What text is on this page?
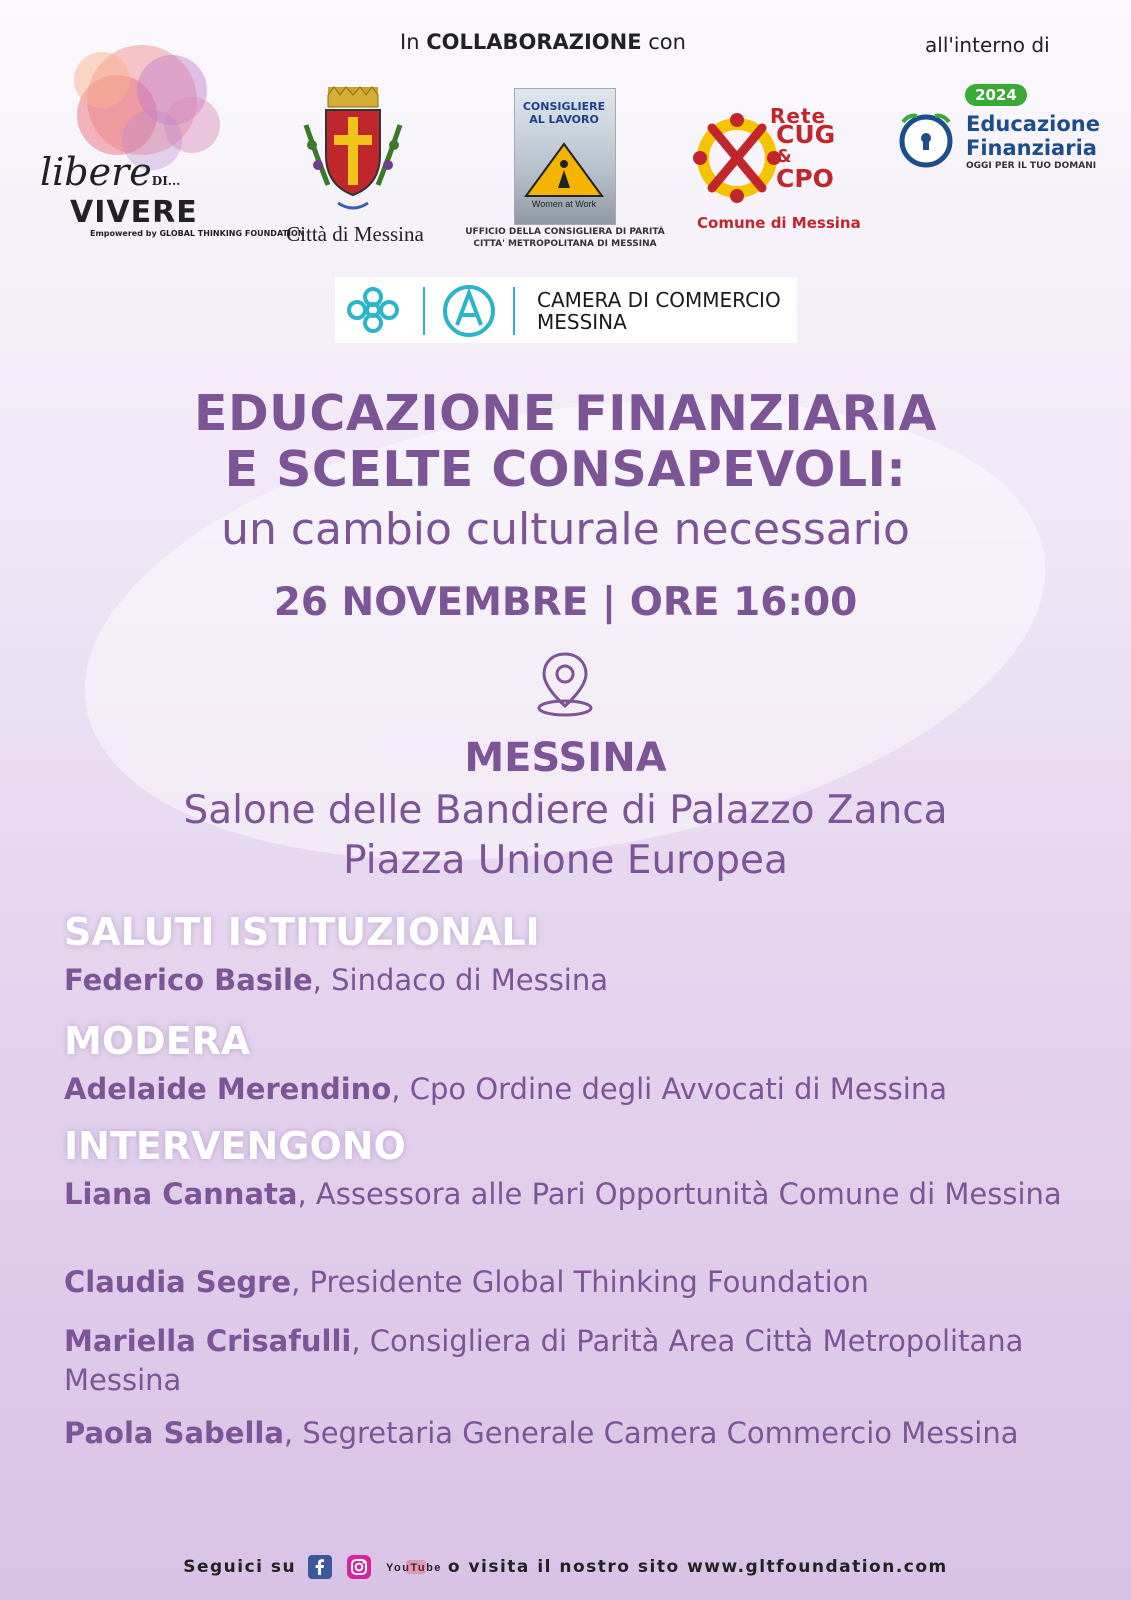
In COLLABORAZIONE con	all'interno di
libereDI...
VIVERE
Empowered by GLOBAL THINKING FOUNDATION
Città di Messina
CONSIGLIERE AL LAVORO
Women at Work
UFFICIO DELLA CONSIGLIERA DI PARITÀ
CITTA' METROPOLITANA DI MESSINA
Rete
CUG
&
CPO
Comune di Messina
2024
Educazione
Finanziaria
OGGI PER IL TUO DOMANI
CAMERA DI COMMERCIO
MESSINA
EDUCAZIONE FINANZIARIA
E SCELTE CONSAPEVOLI:
un cambio culturale necessario
26 NOVEMBRE | ORE 16:00
MESSINA
Salone delle Bandiere di Palazzo Zanca
Piazza Unione Europea
SALUTI ISTITUZIONALI
Federico Basile, Sindaco di Messina
MODERA
Adelaide Merendino, Cpo Ordine degli Avvocati di Messina
INTERVENGONO
Liana Cannata, Assessora alle Pari Opportunità Comune di Messina
Claudia Segre, Presidente Global Thinking Foundation
Mariella Crisafulli, Consigliera di Parità Area Città Metropolitana Messina
Paola Sabella, Segretaria Generale Camera Commercio Messina
Seguici su	YouTube o visita il nostro sito www.gltfoundation.com
